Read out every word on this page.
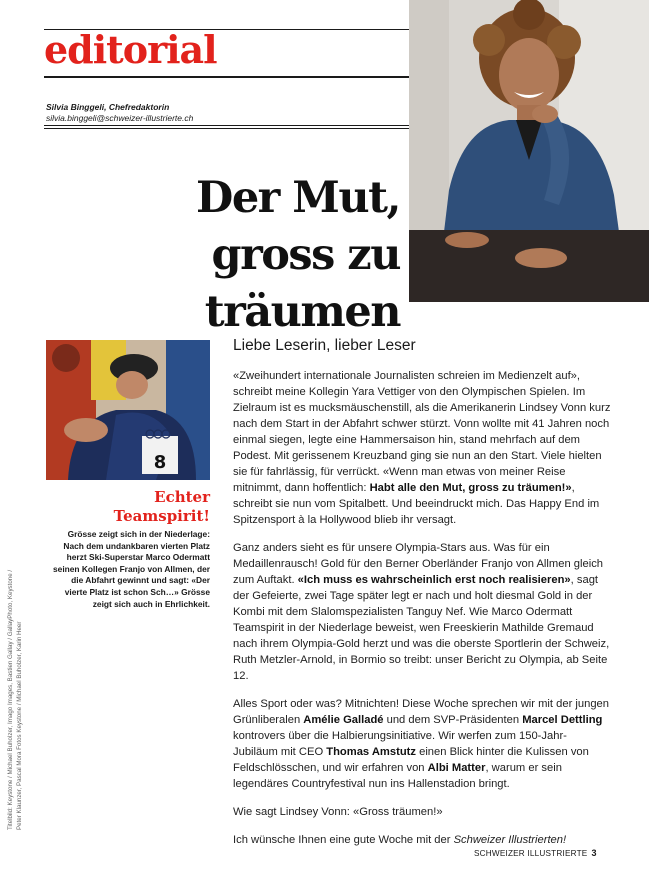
editorial
Silvia Binggeli, Chefredaktorin
silvia.binggeli@schweizer-illustrierte.ch
Der Mut,
gross zu träumen
8
Echter
Teamspirit!
Grösse zeigt sich in der Niederlage: Nach dem undankbaren vierten Platz herzt Ski-Superstar Marco Odermatt seinen Kollegen Franjo von Allmen, der die Abfahrt gewinnt und sagt: «Der vierte Platz ist schon Sch…» Grösse zeigt sich auch in Ehrlichkeit.
Titelbild: Keystone / Michael Buholzer, Imago Images, Bastien Gallay / GallayPhoto, Keystone / Peter Klaunzer, Pascal Mora Fotos Keystone / Michael Buholzer, Karin Heer
Liebe Leserin, lieber Leser

«Zweihundert internationale Journalisten schreien im Medienzelt auf», schreibt meine Kollegin Yara Vettiger von den Olympischen Spielen. Im Zielraum ist es mucksmäuschenstill, als die Amerikanerin Lindsey Vonn kurz nach dem Start in der Abfahrt schwer stürzt. Vonn wollte mit 41 Jahren noch einmal siegen, legte eine Hammersaison hin, stand mehrfach auf dem Podest. Mit gerissenem Kreuzband ging sie nun an den Start. Viele hielten sie für fahrlässig, für verrückt. «Wenn man etwas von meiner Reise mitnimmt, dann hoffentlich: Habt alle den Mut, gross zu träumen!», schreibt sie nun vom Spitalbett. Und beeindruckt mich. Das Happy End im Spitzensport à la Hollywood blieb ihr versagt.

Ganz anders sieht es für unsere Olympia-Stars aus. Was für ein Medaillenrausch! Gold für den Berner Oberländer Franjo von Allmen gleich zum Auftakt. «Ich muss es wahrscheinlich erst noch realisieren», sagt der Gefeierte, zwei Tage später legt er nach und holt diesmal Gold in der Kombi mit dem Slalomspezialisten Tanguy Nef. Wie Marco Odermatt Teamspirit in der Niederlage beweist, wen Freeskierin Mathilde Gremaud nach ihrem Olympia-Gold herzt und was die oberste Sportlerin der Schweiz, Ruth Metzler-Arnold, in Bormio so treibt: unser Bericht zu Olympia, ab Seite 12.

Alles Sport oder was? Mitnichten! Diese Woche sprechen wir mit der jungen Grünliberalen Amélie Galladé und dem SVP-Präsidenten Marcel Dettling kontrovers über die Halbierungsinitiative. Wir werfen zum 150-Jahr-Jubiläum mit CEO Thomas Amstutz einen Blick hinter die Kulissen von Feldschlösschen, und wir erfahren von Albi Matter, warum er sein legendäres Countryfestival nun ins Hallenstadion bringt.

Wie sagt Lindsey Vonn: «Gross träumen!»

Ich wünsche Ihnen eine gute Woche mit der Schweizer Illustrierten!

SCHWEIZER ILLUSTRIERTE 3
